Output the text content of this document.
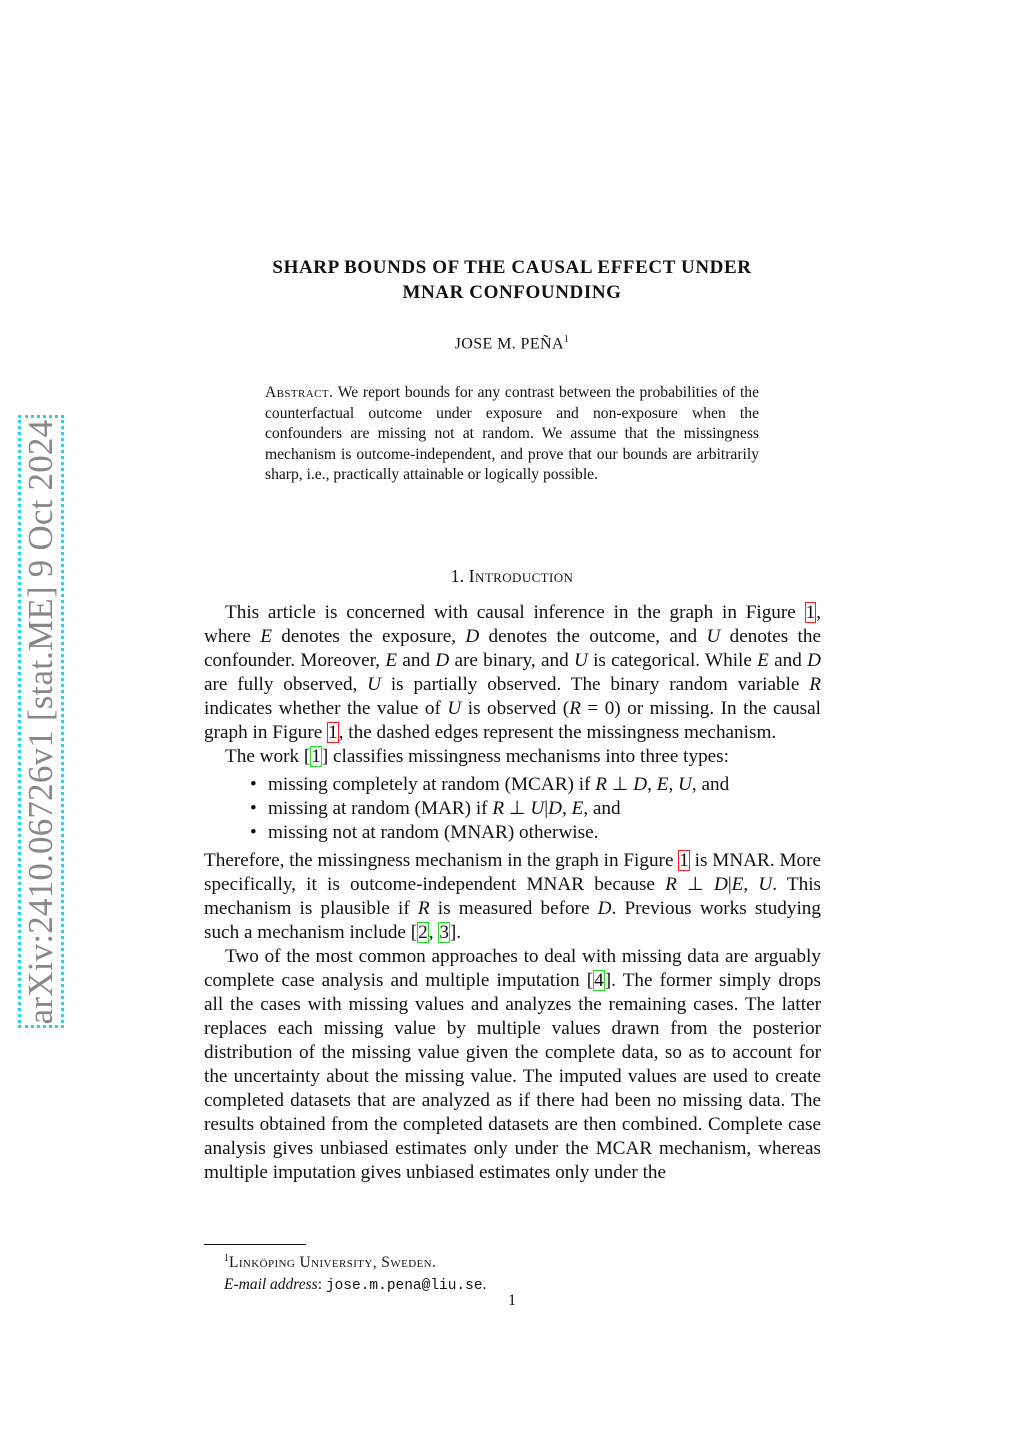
arXiv:2410.06726v1 [stat.ME] 9 Oct 2024
SHARP BOUNDS OF THE CAUSAL EFFECT UNDER
MNAR CONFOUNDING
JOSE M. PEÑA$^1$
Abstract. We report bounds for any contrast between the probabilities of the counterfactual outcome under exposure and non-exposure when the confounders are missing not at random. We assume that the missingness mechanism is outcome-independent, and prove that our bounds are arbitrarily sharp, i.e., practically attainable or logically possible.
1. Introduction

This article is concerned with causal inference in the graph in Figure 1, where E denotes the exposure, D denotes the outcome, and U denotes the confounder. Moreover, E and D are binary, and U is categorical. While E and D are fully observed, U is partially observed. The binary random variable R indicates whether the value of U is observed (R = 0) or missing. In the causal graph in Figure 1, the dashed edges represent the missingness mechanism.

The work [1] classifies missingness mechanisms into three types:

• missing completely at random (MCAR) if R ⊥ D, E, U, and
• missing at random (MAR) if R ⊥ U|D, E, and
• missing not at random (MNAR) otherwise.

Therefore, the missingness mechanism in the graph in Figure 1 is MNAR. More specifically, it is outcome-independent MNAR because R ⊥ D|E, U. This mechanism is plausible if R is measured before D. Previous works studying such a mechanism include [2, 3].

Two of the most common approaches to deal with missing data are arguably complete case analysis and multiple imputation [4]. The former simply drops all the cases with missing values and analyzes the remaining cases. The latter replaces each missing value by multiple values drawn from the posterior distribution of the missing value given the complete data, so as to account for the uncertainty about the missing value. The imputed values are used to create completed datasets that are analyzed as if there had been no missing data. The results obtained from the completed datasets are then combined. Complete case analysis gives unbiased estimates only under the MCAR mechanism, whereas multiple imputation gives unbiased estimates only under the

$^1$Linköping University, Sweden.
E-mail address: jose.m.pena@liu.se.
1
